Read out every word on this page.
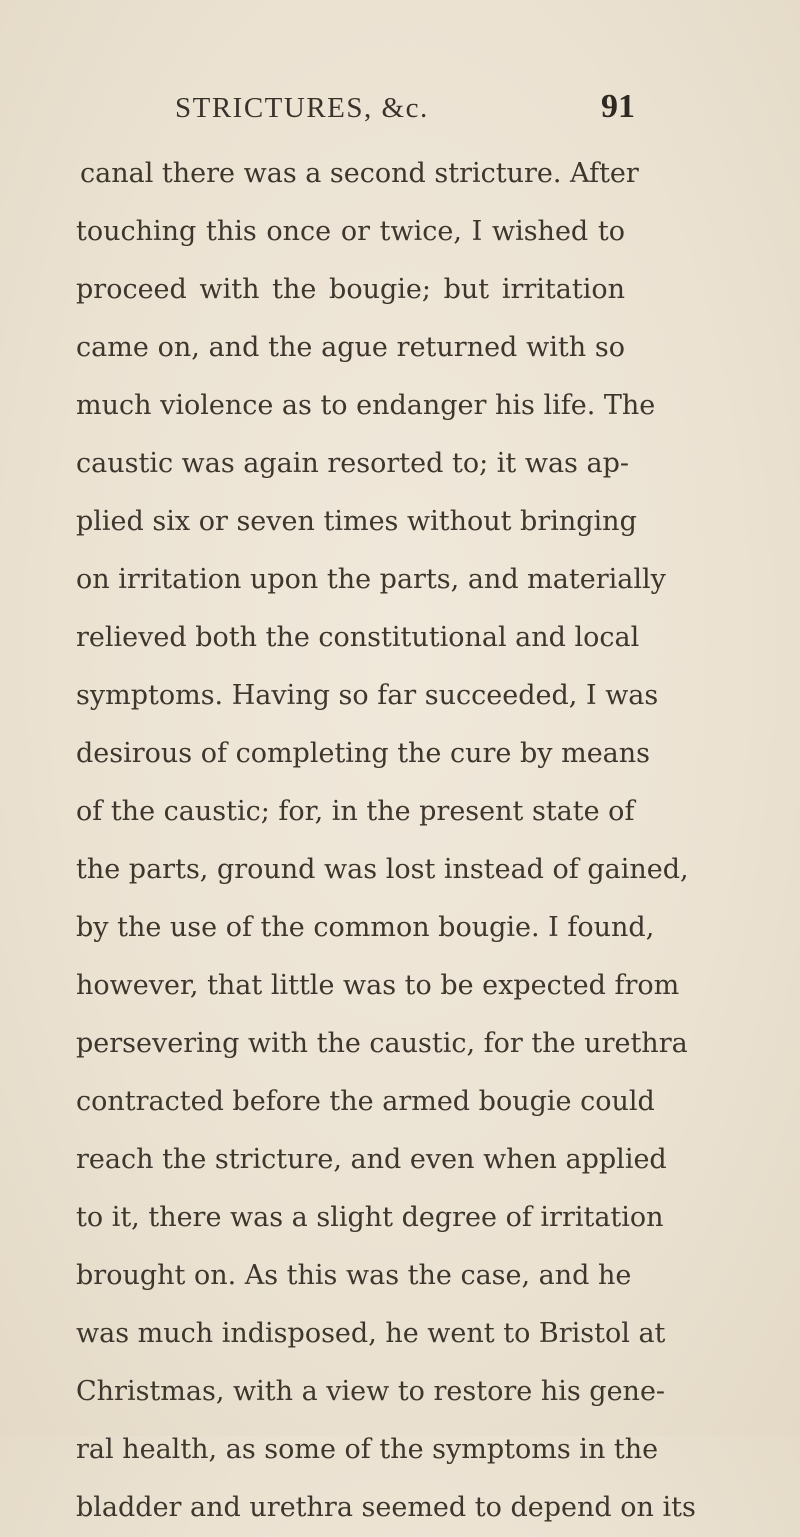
STRICTURES, &c.	91
canal there was a second stricture. After
touching this once or twice, I wished to
proceed with the bougie; but irritation
came on, and the ague returned with so
much violence as to endanger his life. The
caustic was again resorted to; it was ap-
plied six or seven times without bringing
on irritation upon the parts, and materially
relieved both the constitutional and local
symptoms. Having so far succeeded, I was
desirous of completing the cure by means
of the caustic; for, in the present state of
the parts, ground was lost instead of gained,
by the use of the common bougie. I found,
however, that little was to be expected from
persevering with the caustic, for the urethra
contracted before the armed bougie could
reach the stricture, and even when applied
to it, there was a slight degree of irritation
brought on. As this was the case, and he
was much indisposed, he went to Bristol at
Christmas, with a view to restore his gene-
ral health, as some of the symptoms in the
bladder and urethra seemed to depend on its
